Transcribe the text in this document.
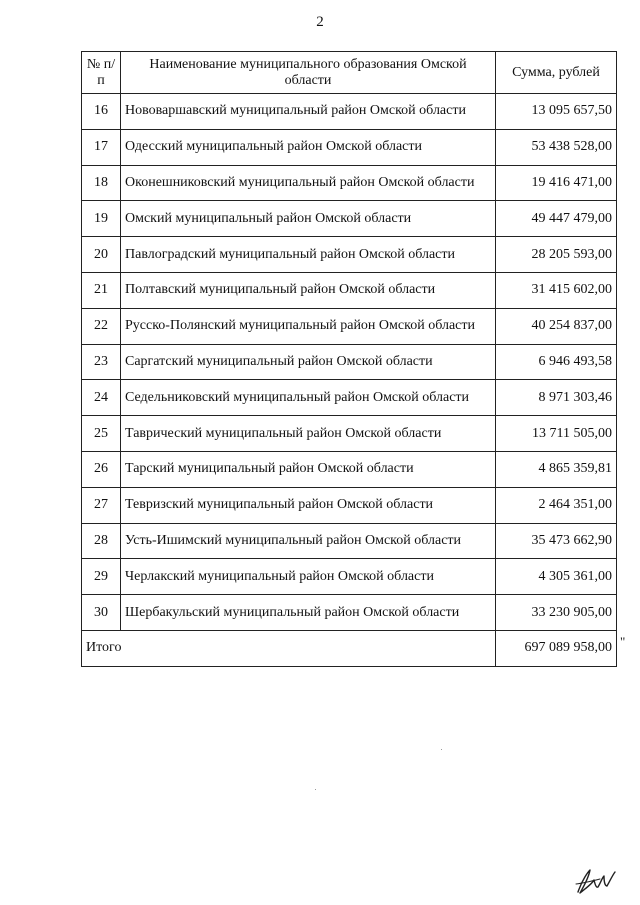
2
№ п/п	Наименование муниципального образования Омской области	Сумма, рублей
16	Нововаршавский муниципальный район Омской области	13 095 657,50
17	Одесский муниципальный район Омской области	53 438 528,00
18	Оконешниковский муниципальный район Омской области	19 416 471,00
19	Омский муниципальный район Омской области	49 447 479,00
20	Павлоградский муниципальный район Омской области	28 205 593,00
21	Полтавский муниципальный район Омской области	31 415 602,00
22	Русско-Полянский муниципальный район Омской области	40 254 837,00
23	Саргатский муниципальный район Омской области	6 946 493,58
24	Седельниковский муниципальный район Омской области	8 971 303,46
25	Таврический муниципальный район Омской области	13 711 505,00
26	Тарский муниципальный район Омской области	4 865 359,81
27	Тевризский муниципальный район Омской области	2 464 351,00
28	Усть-Ишимский муниципальный район Омской области	35 473 662,90
29	Черлакский муниципальный район Омской области	4 305 361,00
30	Шербакульский муниципальный район Омской области	33 230 905,00
Итого		697 089 958,00 "
